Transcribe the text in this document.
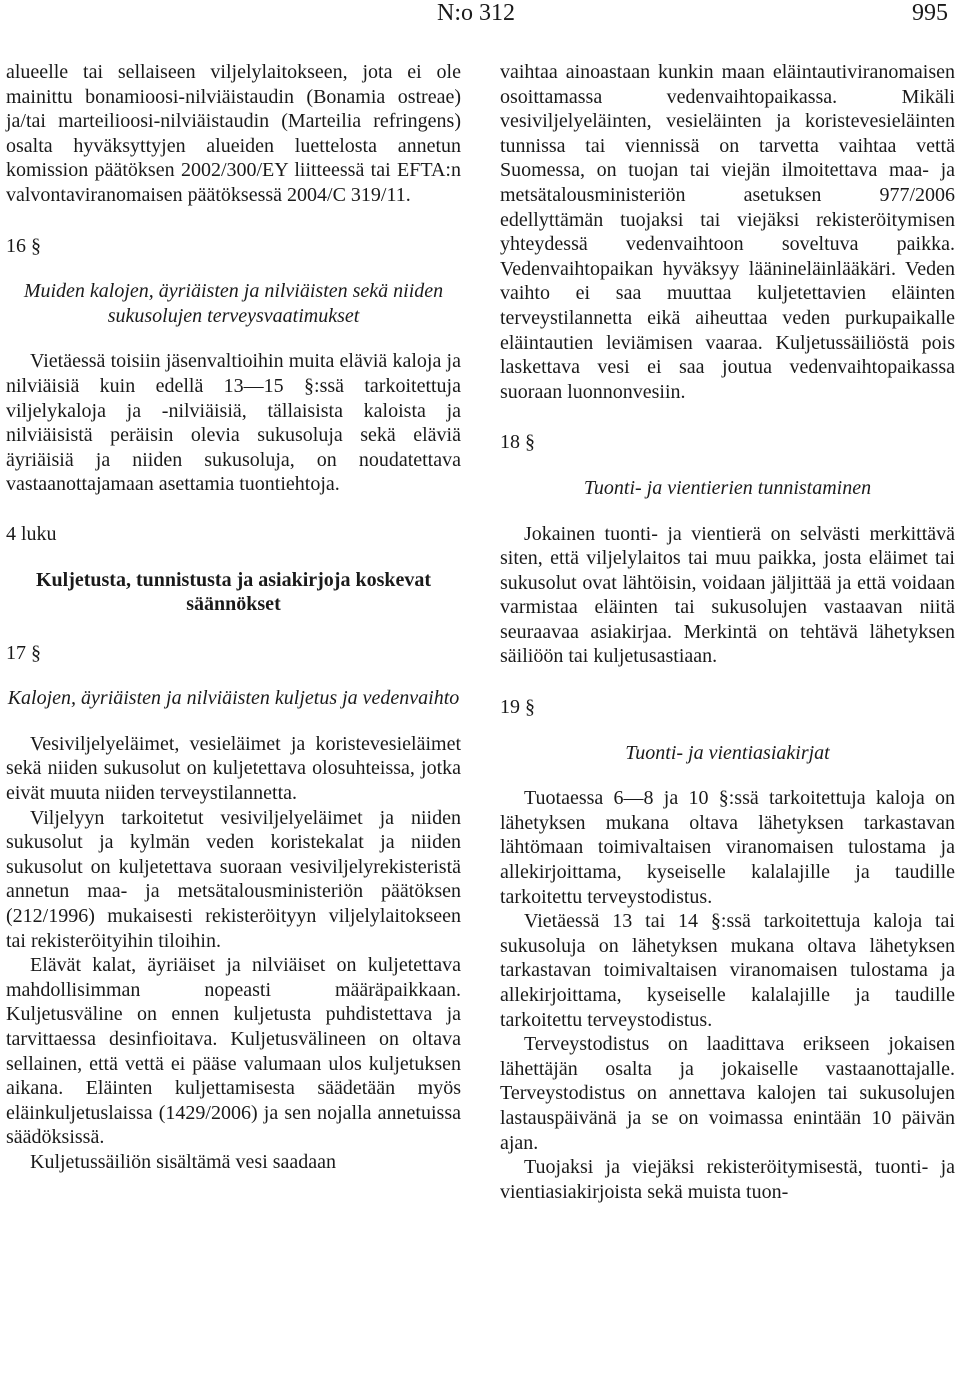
N:o 312	995

alueelle tai sellaiseen viljelylaitokseen, jota ei ole mainittu bonamioosi-nilviäistaudin (Bonamia ostreae) ja/tai marteilioosi-nilviäistaudin (Marteilia refringens) osalta hyväksyttyjen alueiden luettelosta annetun komission päätöksen 2002/300/EY liitteessä tai EFTA:n valvontaviranomaisen päätöksessä 2004/C 319/11.

16 §

Muiden kalojen, äyriäisten ja nilviäisten sekä niiden sukusolujen terveysvaatimukset

Vietäessä toisiin jäsenvaltioihin muita eläviä kaloja ja nilviäisiä kuin edellä 13—15 §:ssä tarkoitettuja viljelykaloja ja -nilviäisiä, tällaisista kaloista ja nilviäisistä peräisin olevia sukusoluja sekä eläviä äyriäisiä ja niiden sukusoluja, on noudatettava vastaanottajamaan asettamia tuontiehtoja.

4 luku

Kuljetusta, tunnistusta ja asiakirjoja koskevat säännökset

17 §

Kalojen, äyriäisten ja nilviäisten kuljetus ja vedenvaihto

Vesiviljelyeläimet, vesieläimet ja koristevesieläimet sekä niiden sukusolut on kuljetettava olosuhteissa, jotka eivät muuta niiden terveystilannetta.

Viljelyyn tarkoitetut vesiviljelyeläimet ja niiden sukusolut ja kylmän veden koristekalat ja niiden sukusolut on kuljetettava suoraan vesiviljelyrekisteristä annetun maa- ja metsätalousministeriön päätöksen (212/1996) mukaisesti rekisteröityyn viljelylaitokseen tai rekisteröityihin tiloihin.

Elävät kalat, äyriäiset ja nilviäiset on kuljetettava mahdollisimman nopeasti määräpaikkaan. Kuljetusväline on ennen kuljetusta puhdistettava ja tarvittaessa desinfioitava. Kuljetusvälineen on oltava sellainen, että vettä ei pääse valumaan ulos kuljetuksen aikana. Eläinten kuljettamisesta säädetään myös eläinkuljetuslaissa (1429/2006) ja sen nojalla annetuissa säädöksissä.

Kuljetussäiliön sisältämä vesi saadaan

vaihtaa ainoastaan kunkin maan eläintautiviranomaisen osoittamassa vedenvaihtopaikassa. Mikäli vesiviljelyeläinten, vesieläinten ja koristevesieläinten tunnissa tai viennissä on tarvetta vaihtaa vettä Suomessa, on tuojan tai viejän ilmoitettava maa- ja metsätalousministeriön asetuksen 977/2006 edellyttämän tuojaksi tai viejäksi rekisteröitymisen yhteydessä vedenvaihtoon soveltuva paikka. Vedenvaihtopaikan hyväksyy läänineläinlääkäri. Veden vaihto ei saa muuttaa kuljetettavien eläinten terveystilannetta eikä aiheuttaa veden purkupaikalle eläintautien leviämisen vaaraa. Kuljetussäiliöstä pois laskettava vesi ei saa joutua vedenvaihtopaikassa suoraan luonnonvesiin.

18 §

Tuonti- ja vientierien tunnistaminen

Jokainen tuonti- ja vientierä on selvästi merkittävä siten, että viljelylaitos tai muu paikka, josta eläimet tai sukusolut ovat lähtöisin, voidaan jäljittää ja että voidaan varmistaa eläinten tai sukusolujen vastaavan niitä seuraavaa asiakirjaa. Merkintä on tehtävä lähetyksen säiliöön tai kuljetusastiaan.

19 §

Tuonti- ja vientiasiakirjat

Tuotaessa 6—8 ja 10 §:ssä tarkoitettuja kaloja on lähetyksen mukana oltava lähetyksen tarkastavan lähtömaan toimivaltaisen viranomaisen tulostama ja allekirjoittama, kyseiselle kalalajille ja taudille tarkoitettu terveystodistus.

Vietäessä 13 tai 14 §:ssä tarkoitettuja kaloja tai sukusoluja on lähetyksen mukana oltava lähetyksen tarkastavan toimivaltaisen viranomaisen tulostama ja allekirjoittama, kyseiselle kalalajille ja taudille tarkoitettu terveystodistus.

Terveystodistus on laadittava erikseen jokaisen lähettäjän osalta ja jokaiselle vastaanottajalle. Terveystodistus on annettava kalojen tai sukusolujen lastauspäivänä ja se on voimassa enintään 10 päivän ajan.

Tuojaksi ja viejäksi rekisteröitymisestä, tuonti- ja vientiasiakirjoista sekä muista tuon-
